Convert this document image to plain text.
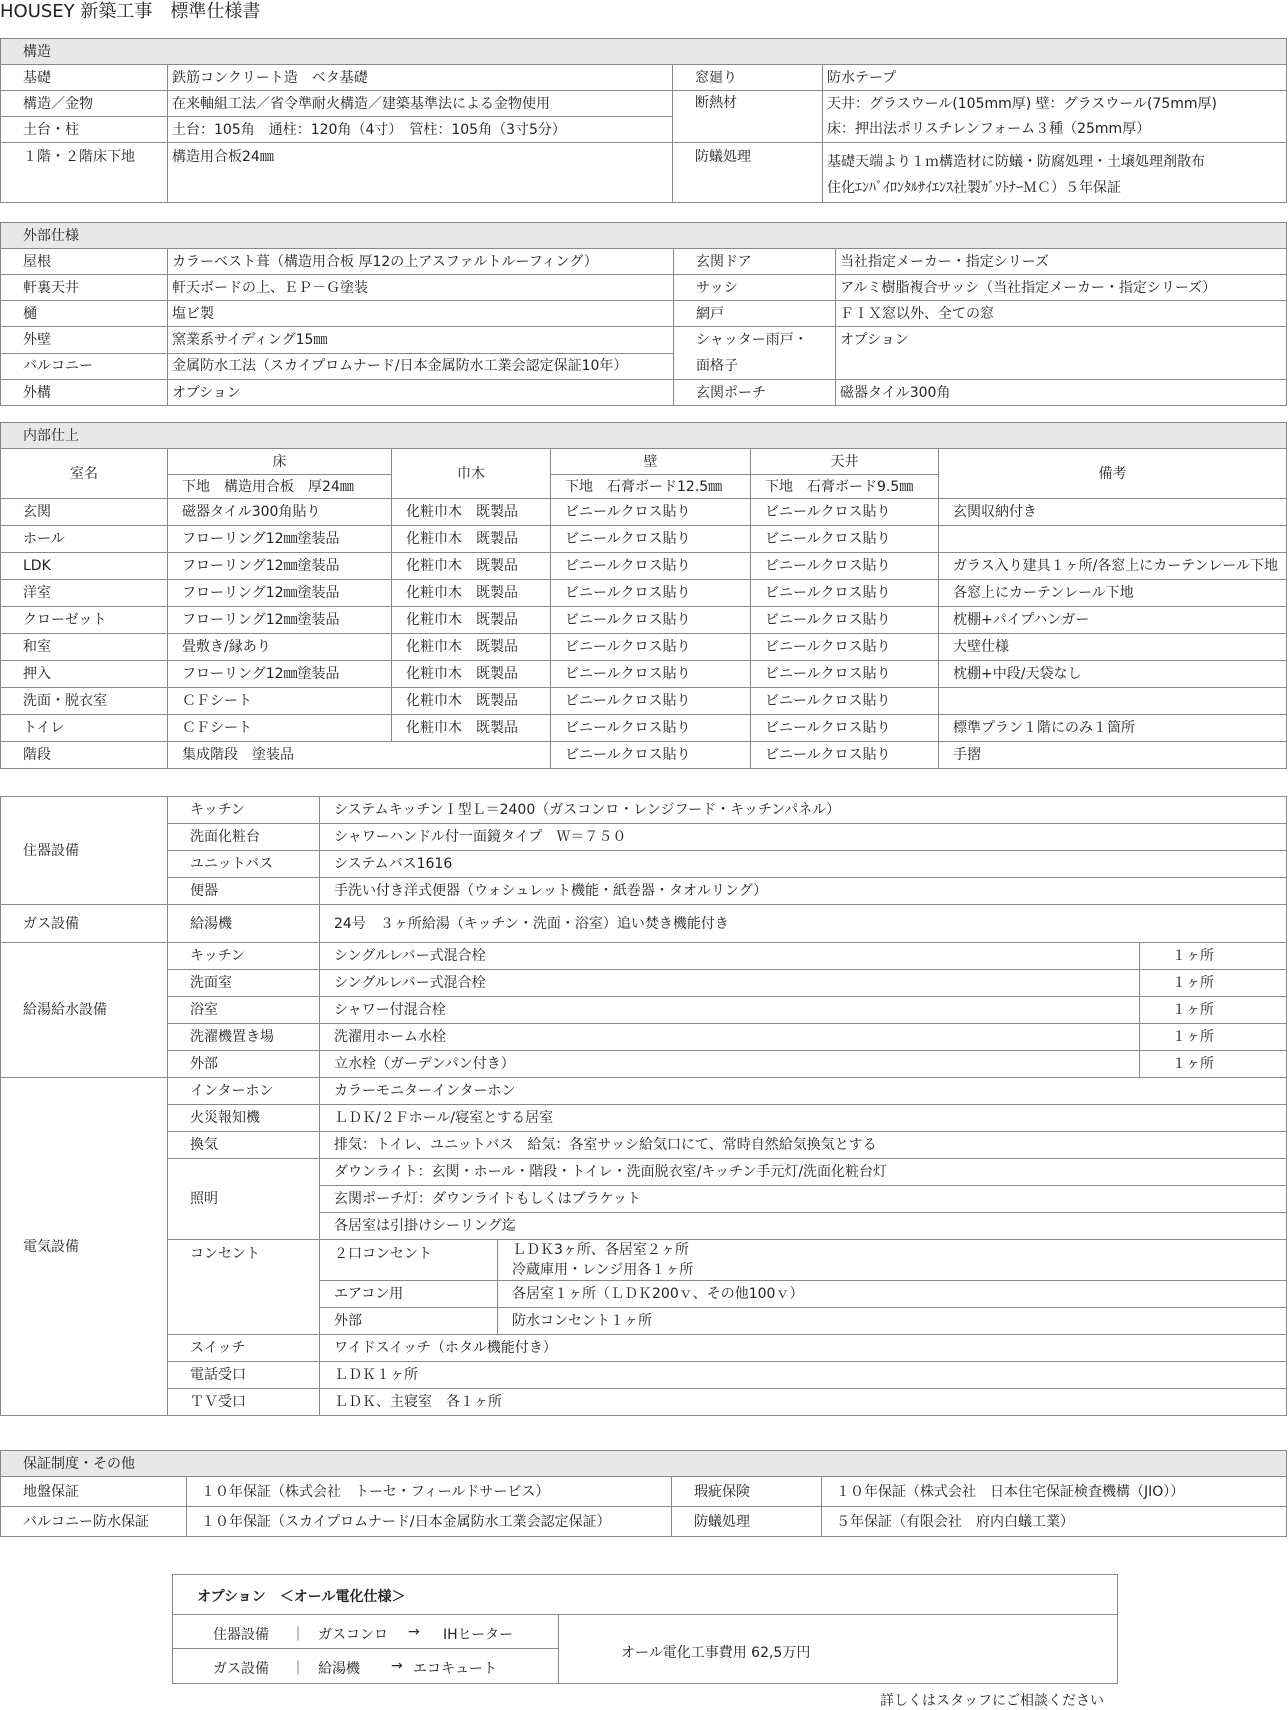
HOUSEY 新築工事　標準仕様書
構造			
基礎	鉄筋コンクリート造　ベタ基礎	窓廻り	防水テープ
構造／金物	在来軸組工法／省令準耐火構造／建築基準法による金物使用	断熱材	天井：グラスウール(105mm厚) 壁：グラスウール(75mm厚)
土台・柱	土台：105角　通柱：120角（4寸）　管柱：105角（3寸5分）		床：押出法ポリスチレンフォーム３種（25mm厚）
１階・２階床下地	構造用合板24㎜	防蟻処理	基礎天端より１ｍ構造材に防蟻・防腐処理・土壌処理剤散布
住化ｴﾝﾊﾞｲﾛﾝﾀﾙｻｲｴﾝｽ社製ｶﾞｿﾄﾅｰＭＣ）５年保証
外部仕様			
屋根	カラーベスト葺（構造用合板 厚12の上アスファルトルーフィング）	玄関ドア	当社指定メーカー・指定シリーズ
軒裏天井	軒天ボードの上、ＥＰ－Ｇ塗装	サッシ	アルミ樹脂複合サッシ（当社指定メーカー・指定シリーズ）
樋	塩ビ製	網戸	ＦＩＸ窓以外、全ての窓
外壁	窯業系サイディング15㎜	シャッター雨戸・
面格子	オプション
バルコニー	金属防水工法（スカイプロムナード/日本金属防水工業会認定保証10年）		
外構	オプション	玄関ポーチ	磁器タイル300角
内部仕上					
室名	床	巾木	壁	天井	備考
	下地　構造用合板　厚24㎜		下地　石膏ボード12.5㎜	下地　石膏ボード9.5㎜	
玄関	磁器タイル300角貼り	化粧巾木　既製品	ビニールクロス貼り	ビニールクロス貼り	玄関収納付き
ホール	フローリング12㎜塗装品	化粧巾木　既製品	ビニールクロス貼り	ビニールクロス貼り	
LDK	フローリング12㎜塗装品	化粧巾木　既製品	ビニールクロス貼り	ビニールクロス貼り	ガラス入り建具１ヶ所/各窓上にカーテンレール下地
洋室	フローリング12㎜塗装品	化粧巾木　既製品	ビニールクロス貼り	ビニールクロス貼り	各窓上にカーテンレール下地
クローゼット	フローリング12㎜塗装品	化粧巾木　既製品	ビニールクロス貼り	ビニールクロス貼り	枕棚+パイプハンガー
和室	畳敷き/縁あり	化粧巾木　既製品	ビニールクロス貼り	ビニールクロス貼り	大壁仕様
押入	フローリング12㎜塗装品	化粧巾木　既製品	ビニールクロス貼り	ビニールクロス貼り	枕棚+中段/天袋なし
洗面・脱衣室	ＣＦシート	化粧巾木　既製品	ビニールクロス貼り	ビニールクロス貼り	
トイレ	ＣＦシート	化粧巾木　既製品	ビニールクロス貼り	ビニールクロス貼り	標準プラン１階にのみ１箇所
階段	集成階段　塗装品		ビニールクロス貼り	ビニールクロス貼り	手摺
住器設備	キッチン	システムキッチンＩ型Ｌ＝2400（ガスコンロ・レンジフード・キッチンパネル）		
	洗面化粧台	シャワーハンドル付一面鏡タイプ　Ｗ＝７５０		
	ユニットバス	システムバス1616		
	便器	手洗い付き洋式便器（ウォシュレット機能・紙巻器・タオルリング）		
ガス設備	給湯機	24号　３ヶ所給湯（キッチン・洗面・浴室）追い焚き機能付き		
給湯給水設備	キッチン	シングルレバー式混合栓		１ヶ所
	洗面室	シングルレバー式混合栓		１ヶ所
	浴室	シャワー付混合栓		１ヶ所
	洗濯機置き場	洗濯用ホーム水栓		１ヶ所
	外部	立水栓（ガーデンパン付き）		１ヶ所
電気設備	インターホン	カラーモニターインターホン		
	火災報知機	ＬＤＫ/２Ｆホール/寝室とする居室		
	換気	排気：トイレ、ユニットバス　給気：各室サッシ給気口にて、常時自然給気換気とする		
	照明	ダウンライト：玄関・ホール・階段・トイレ・洗面脱衣室/キッチン手元灯/洗面化粧台灯		
		玄関ポーチ灯：ダウンライトもしくはブラケット		
		各居室は引掛けシーリング迄		
	コンセント	２口コンセント	ＬＤＫ3ヶ所、各居室２ヶ所
冷蔵庫用・レンジ用各１ヶ所	

		エアコン用	各居室１ヶ所（ＬＤＫ200ｖ、その他100ｖ）	
		外部	防水コンセント１ヶ所	
	スイッチ	ワイドスイッチ（ホタル機能付き）		
	電話受口	ＬＤＫ１ヶ所		
	ＴＶ受口	ＬＤＫ、主寝室　各１ヶ所		
保証制度・その他			
地盤保証	１０年保証（株式会社　トーセ・フィールドサービス）	瑕疵保険	１０年保証（株式会社　日本住宅保証検査機構（JIO））
バルコニー防水保証	１０年保証（スカイプロムナード/日本金属防水工業会認定保証）	防蟻処理	５年保証（有限会社　府内白蟻工業）
オプション　＜オール電化仕様＞
住器設備 ｜ ガスコンロ → IHヒーター
ガス設備 ｜ 給湯機 → エコキュート
オール電化工事費用 62,5万円
詳しくはスタッフにご相談ください
